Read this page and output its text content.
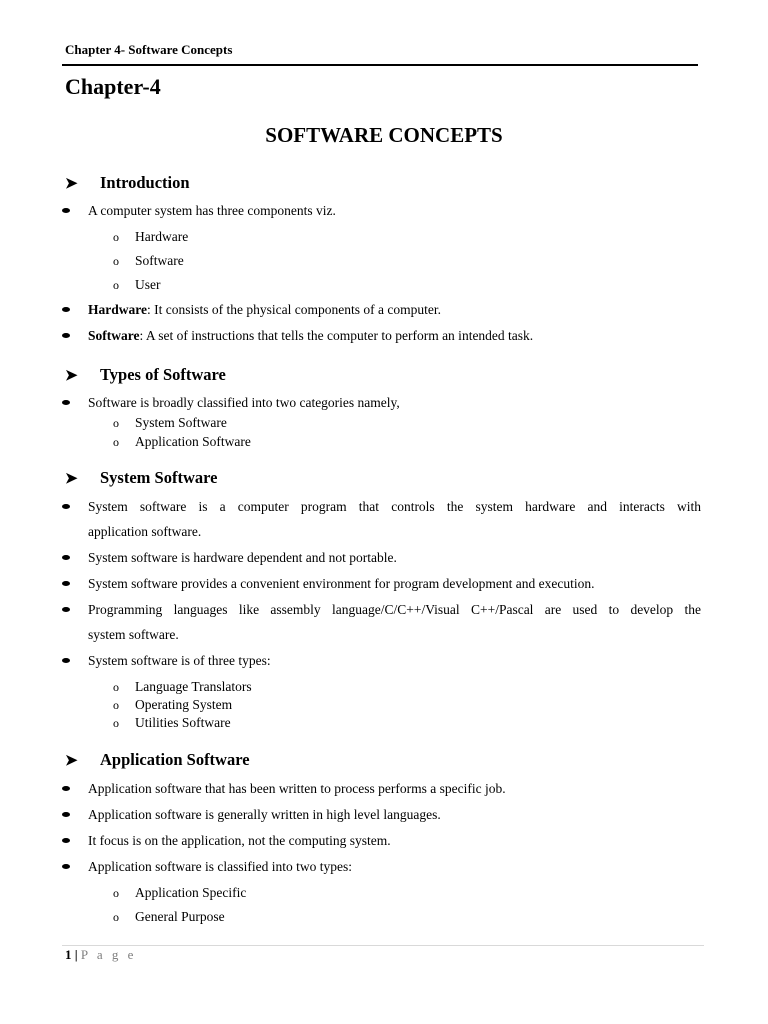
Chapter 4- Software Concepts
Chapter-4
SOFTWARE CONCEPTS
➤ Introduction
A computer system has three components viz.
o Hardware
o Software
o User
Hardware: It consists of the physical components of a computer.
Software: A set of instructions that tells the computer to perform an intended task.
➤ Types of Software
Software is broadly classified into two categories namely,
o System Software
o Application Software
➤ System Software
System software is a computer program that controls the system hardware and interacts with
application software.
System software is hardware dependent and not portable.
System software provides a convenient environment for program development and execution.
Programming languages like assembly language/C/C++/Visual C++/Pascal are used to develop the
system software.
System software is of three types:
o Language Translators
o Operating System
o Utilities Software
➤ Application Software
Application software that has been written to process performs a specific job.
Application software is generally written in high level languages.
It focus is on the application, not the computing system.
Application software is classified into two types:
o Application Specific
o General Purpose
1 | P a g e
